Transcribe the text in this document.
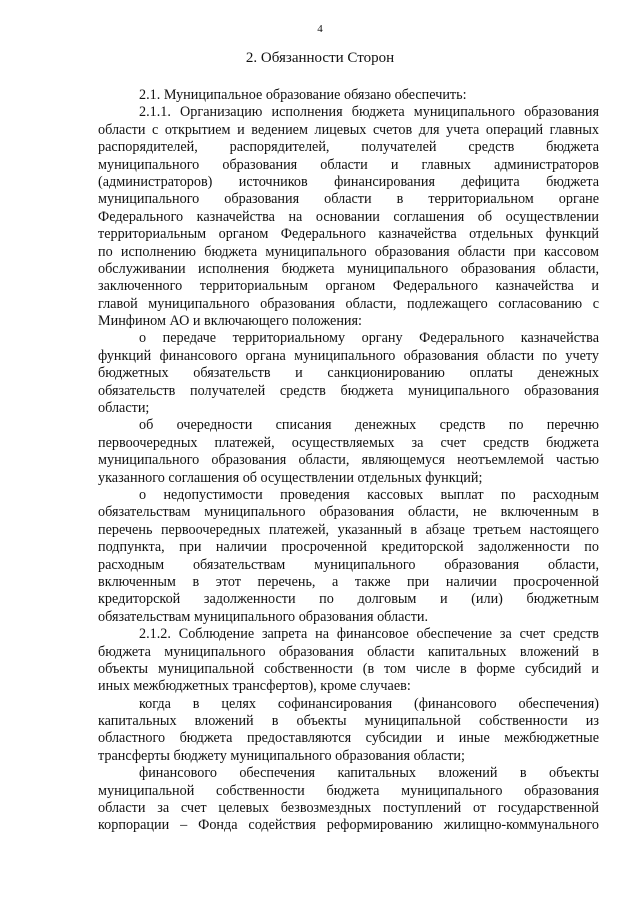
4
2. Обязанности Сторон
2.1. Муниципальное образование обязано обеспечить:
2.1.1. Организацию исполнения бюджета муниципального образования
области с открытием и ведением лицевых счетов для учета операций главных
распорядителей, распорядителей, получателей средств бюджета
муниципального образования области и главных администраторов
(администраторов) источников финансирования дефицита бюджета
муниципального образования области в территориальном органе
Федерального казначейства на основании соглашения об осуществлении
территориальным органом Федерального казначейства отдельных функций
по исполнению бюджета муниципального образования области при кассовом
обслуживании исполнения бюджета муниципального образования области,
заключенного территориальным органом Федерального казначейства и
главой муниципального образования области, подлежащего согласованию с
Минфином АО и включающего положения:
о передаче территориальному органу Федерального казначейства
функций финансового органа муниципального образования области по учету
бюджетных обязательств и санкционированию оплаты денежных
обязательств получателей средств бюджета муниципального образования
области;
об очередности списания денежных средств по перечню
первоочередных платежей, осуществляемых за счет средств бюджета
муниципального образования области, являющемуся неотъемлемой частью
указанного соглашения об осуществлении отдельных функций;
о недопустимости проведения кассовых выплат по расходным
обязательствам муниципального образования области, не включенным в
перечень первоочередных платежей, указанный в абзаце третьем настоящего
подпункта, при наличии просроченной кредиторской задолженности по
расходным обязательствам муниципального образования области,
включенным в этот перечень, а также при наличии просроченной
кредиторской задолженности по долговым и (или) бюджетным
обязательствам муниципального образования области.
2.1.2. Соблюдение запрета на финансовое обеспечение за счет средств
бюджета муниципального образования области капитальных вложений в
объекты муниципальной собственности (в том числе в форме субсидий и
иных межбюджетных трансфертов), кроме случаев:
когда в целях софинансирования (финансового обеспечения)
капитальных вложений в объекты муниципальной собственности из
областного бюджета предоставляются субсидии и иные межбюджетные
трансферты бюджету муниципального образования области;
финансового обеспечения капитальных вложений в объекты
муниципальной собственности бюджета муниципального образования
области за счет целевых безвозмездных поступлений от государственной
корпорации – Фонда содействия реформированию жилищно-коммунального
